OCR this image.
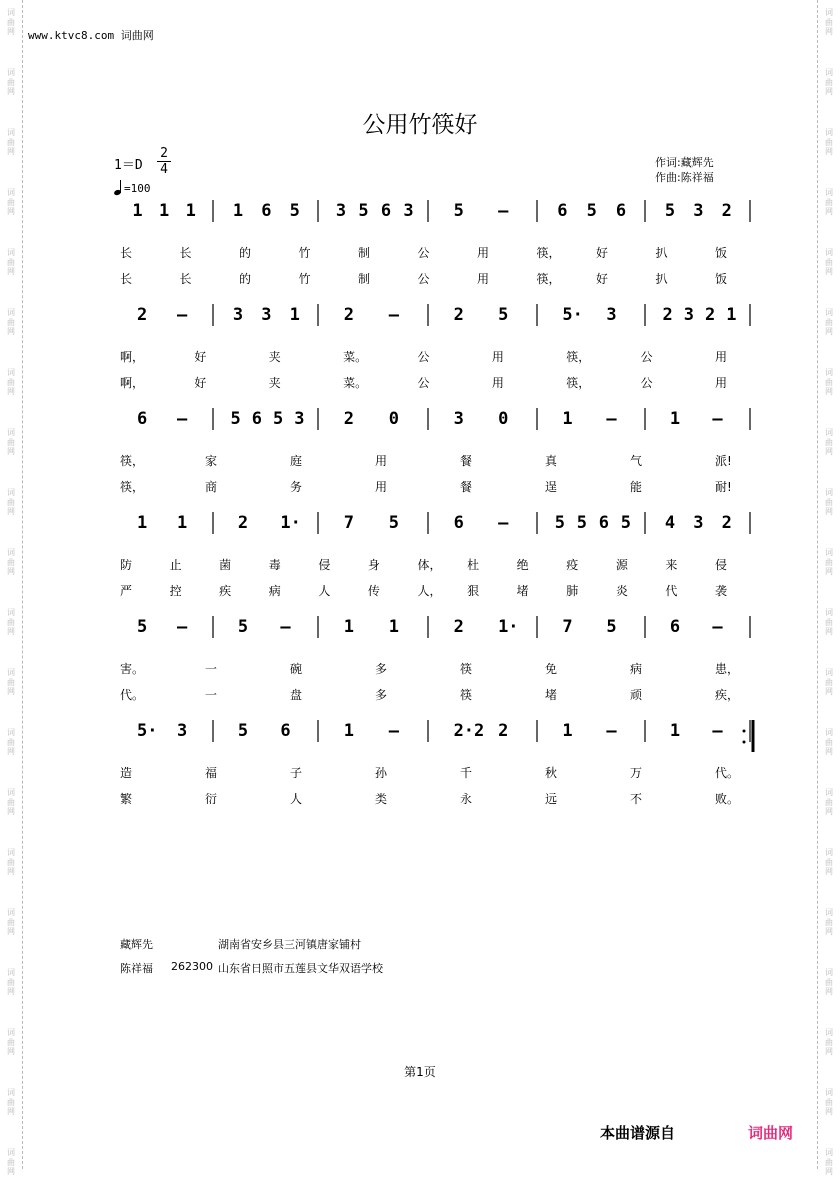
词
曲
网
词
曲
网
词
曲
网
词
曲
网
词
曲
网
词
曲
网
词
曲
网
词
曲
网
词
曲
网
词
曲
网
词
曲
网
词
曲
网
词
曲
网
词
曲
网
词
曲
网
词
曲
网
词
曲
网
词
曲
网
词
曲
网
词
曲
网
词
曲
网
词
曲
网
词
曲
网
词
曲
网
词
曲
网
词
曲
网
词
曲
网
词
曲
网
词
曲
网
词
曲
网
词
曲
网
词
曲
网
词
曲
网
词
曲
网
词
曲
网
词
曲
网
词
曲
网
词
曲
网
词
曲
网
词
曲
网
www.ktvc8.com 词曲网
公用竹筷好
1＝D
2
4
=100
作词:藏辉先
作曲:陈祥福
1 1 1 1 6 5 3 5 6 3 5 –	6 5 6 5 3 2
2 –	3 3 1	2 –	2 5	5· 3	2 3 2 1
6 –	5 6 5 3 2 0	3 0	1 –	1 –
1 1	2 1·	7 5	6 –	5 5 6 5 4 3 2
5 –	5 –	1 1	2 1·	7 5	6 –
5· 3	5 6	1 –	2·2 2	1 –	1 –
长	长	的	竹	制	公	用	筷，	好	扒	饭
长	长	的	竹	制	公	用	筷，	好	扒	饭
啊，	好	夹	菜。	公	用	筷，	公	用
啊，	好	夹	菜。	公	用	筷，	公	用
筷，	家	庭	用	餐	真	气	派!
筷，	商	务	用	餐	逞	能	耐!
防	止	菌	毒	侵	身	体， 杜	绝	疫	源	来	侵
严	控	疾	病	人	传	人， 狠	堵	肺	炎	代	袭
害。	一	碗	多	筷	免	病	患，
代。	一	盘	多	筷	堵	顽	疾，
造	福	子	孙	千	秋	万	代。
繁	衍	人	类	永	远	不	败。
藏辉先	湖南省安乡县三河镇唐家铺村
陈祥福 262300 山东省日照市五莲县文华双语学校
第1页
本曲谱源自	词曲网
